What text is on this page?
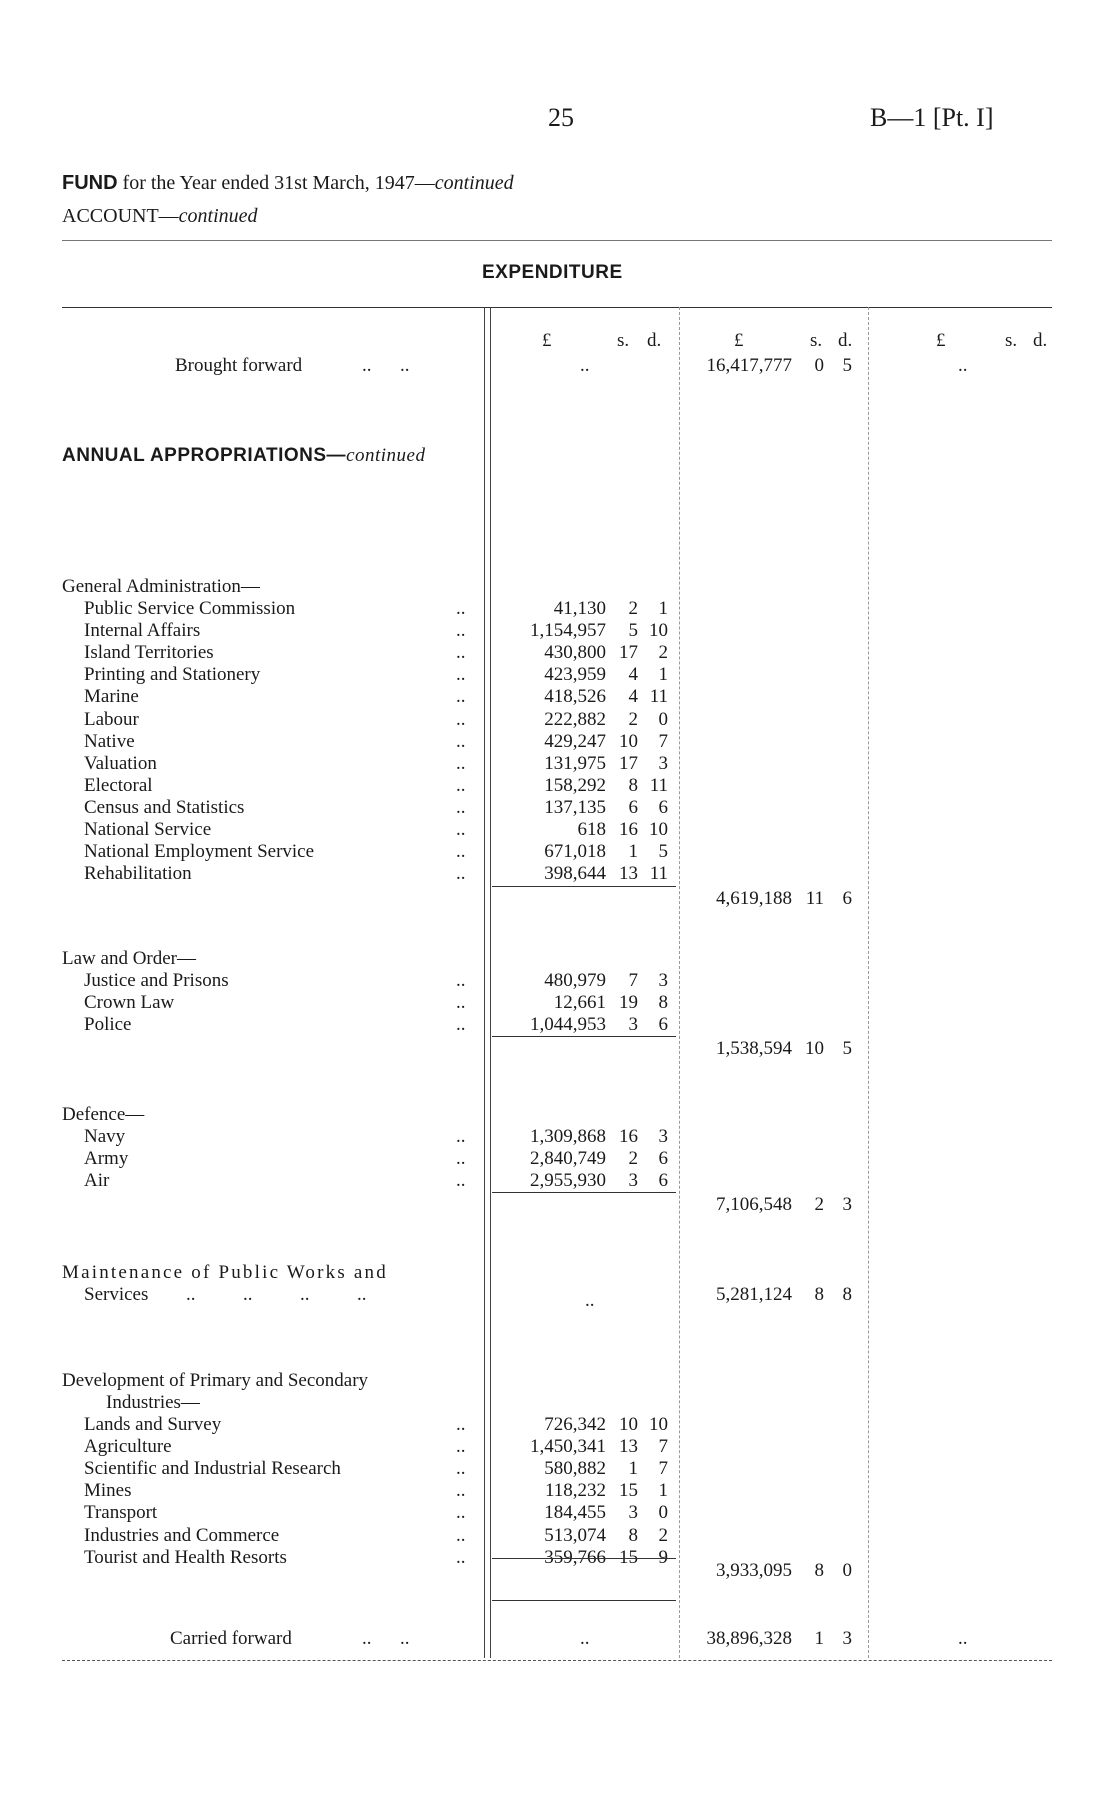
25	B—1 [Pt. I]
FUND for the Year ended 31st March, 1947—continued
ACCOUNT—continued
EXPENDITURE
£	s. d.	£	s. d.	£	s. d.
Brought forward	..      ..	..	16,417,777	0 5	..
ANNUAL APPROPRIATIONS—continued
General Administration—
Public Service Commission	..	41,130	2	1
Internal Affairs	..	1,154,957	5 10
Island Territories	..	430,800 17	2
Printing and Stationery	..	423,959	4	1
Marine	..	418,526	4 11
Labour	..	222,882	2	0
Native	..	429,247 10	7
Valuation	..	131,975 17	3
Electoral	..	158,292	8 11
Census and Statistics	..	137,135	6	6
National Service	..	618 16 10
National Employment Service	..	671,018	1	5
Rehabilitation	..	398,644 13 11
4,619,188 11 6
Law and Order—
Justice and Prisons	..	480,979	7	3
Crown Law	..	12,661 19	8
Police	..	1,044,953	3	6
1,538,594 10 5
Defence—
Navy	..	1,309,868 16	3
Army	..	2,840,749	2	6
Air	..	2,955,930	3	6
7,106,548	2 3
Development of Primary and Secondary
Industries—
Lands and Survey	..	726,342 10 10
Agriculture	..	1,450,341 13	7
Scientific and Industrial Research	..	580,882	1	7
Mines	..	118,232 15	1
Transport	..	184,455	3	0
Industries and Commerce	..	513,074	8	2
Tourist and Health Resorts	..	359,766 15	9
3,933,095	8 0
Maintenance of Public Works and
Services ..          ..          ..          ..	..	5,281,124	8 8
Carried forward	..      ..	..	38,896,328	1 3	..
